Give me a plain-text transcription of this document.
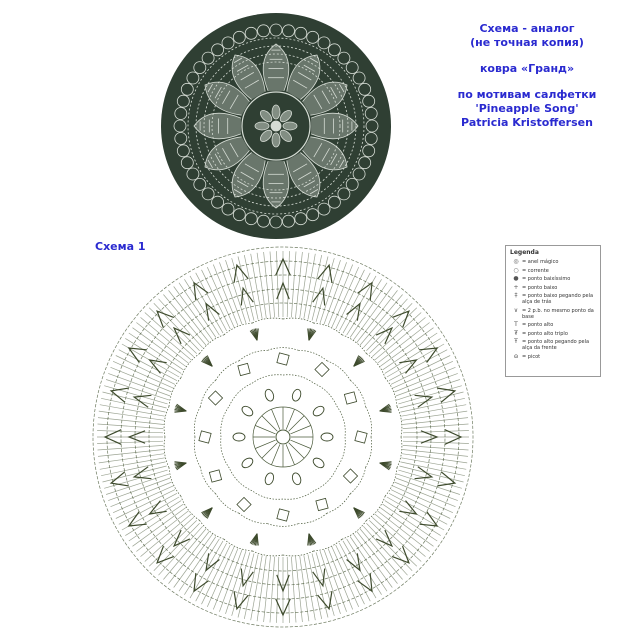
Схема - аналог
(не точная копия)
ковра «Гранд»
по мотивам салфетки
'Pineapple Song'
Patricia Kristoffersen
Схема 1	Legenda
◎ = anel mágico
○ = corrente
● = ponto baixíssimo
+ = ponto baixo
‡ = ponto baixo pegando pela alça de trás
∨ = 2 p.b. no mesmo ponto da base
T = ponto alto
₮ = ponto alto triplo
Ŧ = ponto alto pegando pela alça da frente
ɷ = picot
